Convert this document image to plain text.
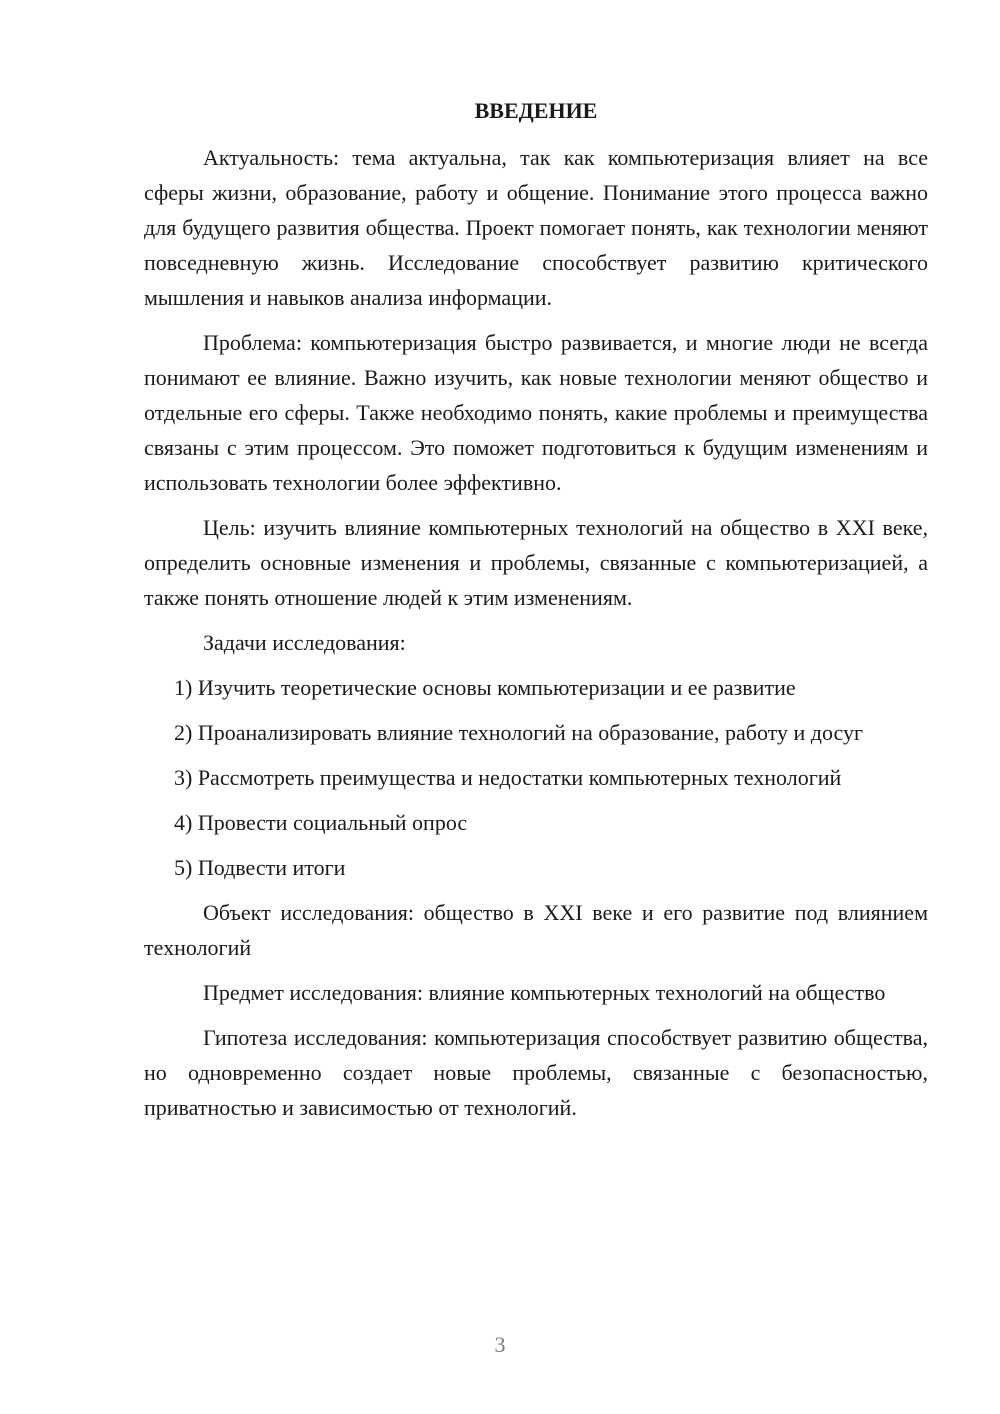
ВВЕДЕНИЕ

Актуальность: тема актуальна, так как компьютеризация влияет на все сферы жизни, образование, работу и общение. Понимание этого процесса важно для будущего развития общества. Проект помогает понять, как технологии меняют повседневную жизнь. Исследование способствует развитию критического мышления и навыков анализа информации.

Проблема: компьютеризация быстро развивается, и многие люди не всегда понимают ее влияние. Важно изучить, как новые технологии меняют общество и отдельные его сферы. Также необходимо понять, какие проблемы и преимущества связаны с этим процессом. Это поможет подготовиться к будущим изменениям и использовать технологии более эффективно.

Цель: изучить влияние компьютерных технологий на общество в XXI веке, определить основные изменения и проблемы, связанные с компьютеризацией, а также понять отношение людей к этим изменениям.

Задачи исследования:

1) Изучить теоретические основы компьютеризации и ее развитие

2) Проанализировать влияние технологий на образование, работу и досуг

3) Рассмотреть преимущества и недостатки компьютерных технологий

4) Провести социальный опрос

5) Подвести итоги

Объект исследования: общество в XXI веке и его развитие под влиянием технологий

Предмет исследования: влияние компьютерных технологий на общество

Гипотеза исследования: компьютеризация способствует развитию общества, но одновременно создает новые проблемы, связанные с безопасностью, приватностью и зависимостью от технологий.

3
